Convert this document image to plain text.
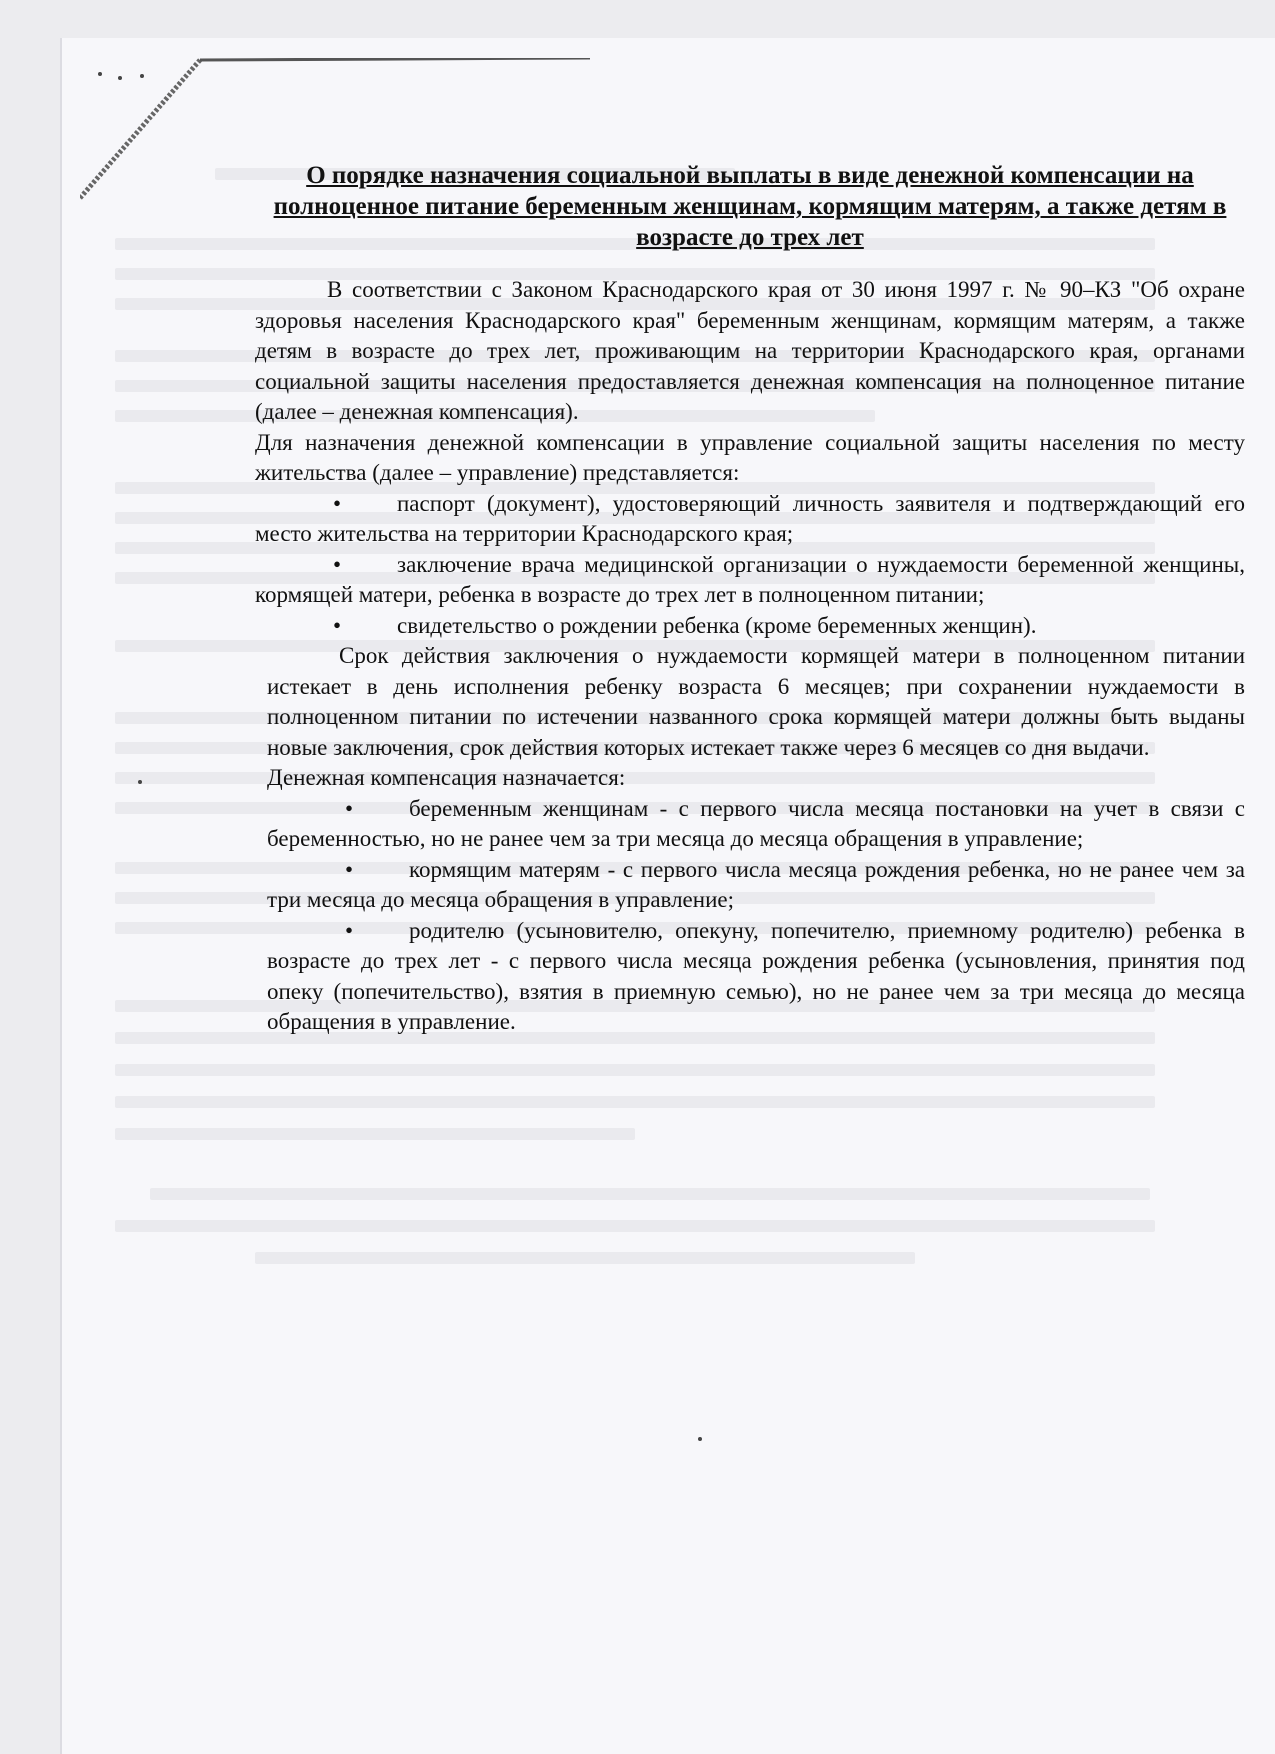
О порядке назначения социальной выплаты в виде денежной компенсации на полноценное питание беременным женщинам, кормящим матерям, а также детям в возрасте до трех лет

В соответствии с Законом Краснодарского края от 30 июня 1997 г. № 90–КЗ "Об охране здоровья населения Краснодарского края" беременным женщинам, кормящим матерям, а также детям в возрасте до трех лет, проживающим на территории Краснодарского края, органами социальной защиты населения предоставляется денежная компенсация на полноценное питание (далее – денежная компенсация).

Для назначения денежной компенсации в управление социальной защиты населения по месту жительства (далее – управление) представляется:

• паспорт (документ), удостоверяющий личность заявителя и подтверждающий его место жительства на территории Краснодарского края;
• заключение врача медицинской организации о нуждаемости беременной женщины, кормящей матери, ребенка в возрасте до трех лет в полноценном питании;
• свидетельство о рождении ребенка (кроме беременных женщин).

Срок действия заключения о нуждаемости кормящей матери в полноценном питании истекает в день исполнения ребенку возраста 6 месяцев; при сохранении нуждаемости в полноценном питании по истечении названного срока кормящей матери должны быть выданы новые заключения, срок действия которых истекает также через 6 месяцев со дня выдачи.

Денежная компенсация назначается:

• беременным женщинам - с первого числа месяца постановки на учет в связи с беременностью, но не ранее чем за три месяца до месяца обращения в управление;
• кормящим матерям - с первого числа месяца рождения ребенка, но не ранее чем за три месяца до месяца обращения в управление;
• родителю (усыновителю, опекуну, попечителю, приемному родителю) ребенка в возрасте до трех лет - с первого числа месяца рождения ребенка (усыновления, принятия под опеку (попечительство), взятия в приемную семью), но не ранее чем за три месяца до месяца обращения в управление.
